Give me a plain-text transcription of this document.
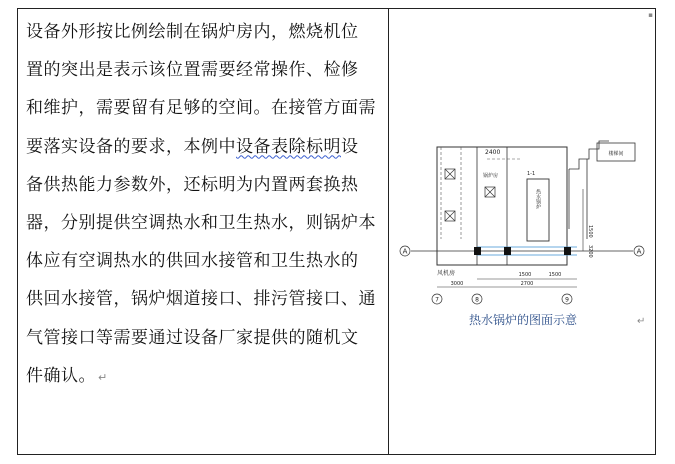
设备外形按比例绘制在锅炉房内，燃烧机位
置的突出是表示该位置需要经常操作、检修
和维护，需要留有足够的空间。在接管方面需
要落实设备的要求，本例中设备表除标明设
备供热能力参数外，还标明为内置两套换热
器，分别提供空调热水和卫生热水，则锅炉本
体应有空调热水的供回水接管和卫生热水的
供回水接管，锅炉烟道接口、排污管接口、通
气管接口等需要通过设备厂家提供的随机文
件确认。 ↵
▪
楼梯间
热水锅炉
A	A
2400
锅炉房
风机房
1-1
3000	2700
1500	1500
1500
3200
7	8	9
热水锅炉的图面示意	↵
